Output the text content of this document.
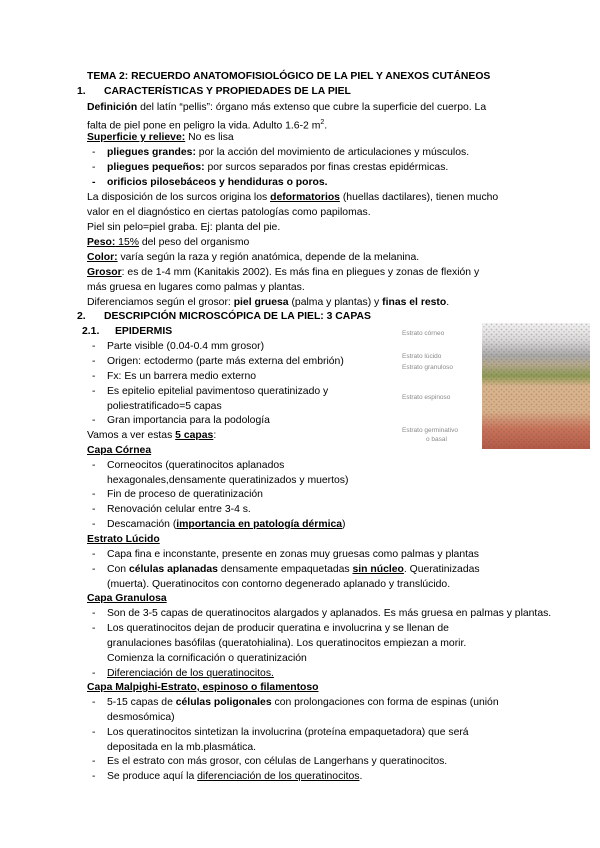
TEMA 2: RECUERDO ANATOMOFISIOLÓGICO DE LA PIEL Y ANEXOS CUTÁNEOS
1. CARACTERÍSTICAS Y PROPIEDADES DE LA PIEL
Definición del latín “pellis”: órgano más extenso que cubre la superficie del cuerpo. La
falta de piel pone en peligro la vida. Adulto 1.6-2 $m^2$.
Superficie y relieve: No es lisa
- pliegues grandes: por la acción del movimiento de articulaciones y músculos.
- pliegues pequeños: por surcos separados por finas crestas epidérmicas.
- orificios pilosebáceos y hendiduras o poros.
La disposición de los surcos origina los deformatorios (huellas dactilares), tienen mucho
valor en el diagnóstico en ciertas patologías como papilomas.
Piel sin pelo=piel graba. Ej: planta del pie.
Peso: 15% del peso del organismo
Color: varía según la raza y región anatómica, depende de la melanina.
Grosor: es de 1-4 mm (Kanitakis 2002). Es más fina en pliegues y zonas de flexión y
más gruesa en lugares como palmas y plantas.
Diferenciamos según el grosor: piel gruesa (palma y plantas) y finas el resto.
2. DESCRIPCIÓN MICROSCÓPICA DE LA PIEL: 3 CAPAS
2.1. EPIDERMIS
- Parte visible (0.04-0.4 mm grosor)
- Origen: ectodermo (parte más externa del embrión)
- Fx: Es un barrera medio externo
- Es epitelio epitelial pavimentoso queratinizado y
poliestratificado=5 capas
- Gran importancia para la podología
Vamos a ver estas 5 capas:
Capa Córnea
- Corneocitos (queratinocitos aplanados
hexagonales,densamente queratinizados y muertos)
- Fin de proceso de queratinización
- Renovación celular entre 3-4 s.
- Descamación (importancia en patología dérmica)
Estrato Lúcido
- Capa fina e inconstante, presente en zonas muy gruesas como palmas y plantas
- Con células aplanadas densamente empaquetadas sin núcleo. Queratinizadas
(muerta). Queratinocitos con contorno degenerado aplanado y translúcido.
Capa Granulosa
- Son de 3-5 capas de queratinocitos alargados y aplanados. Es más gruesa en palmas y plantas.
- Los queratinocitos dejan de producir queratina e involucrina y se llenan de
granulaciones basófilas (queratohialina). Los queratinocitos empiezan a morir.
Comienza la cornificación o queratinización
- Diferenciación de los queratinocitos.
Capa Malpighi-Estrato, espinoso o filamentoso
- 5-15 capas de células poligonales con prolongaciones con forma de espinas (unión
desmosómica)
- Los queratinocitos sintetizan la involucrina (proteína empaquetadora) que será
depositada en la mb.plasmática.
- Es el estrato con más grosor, con células de Langerhans y queratinocitos.
- Se produce aquí la diferenciación de los queratinocitos.
Estrato córneo
Estrato lúcido
Estrato granuloso
Estrato espinoso
Estrato germinativo
o basal
